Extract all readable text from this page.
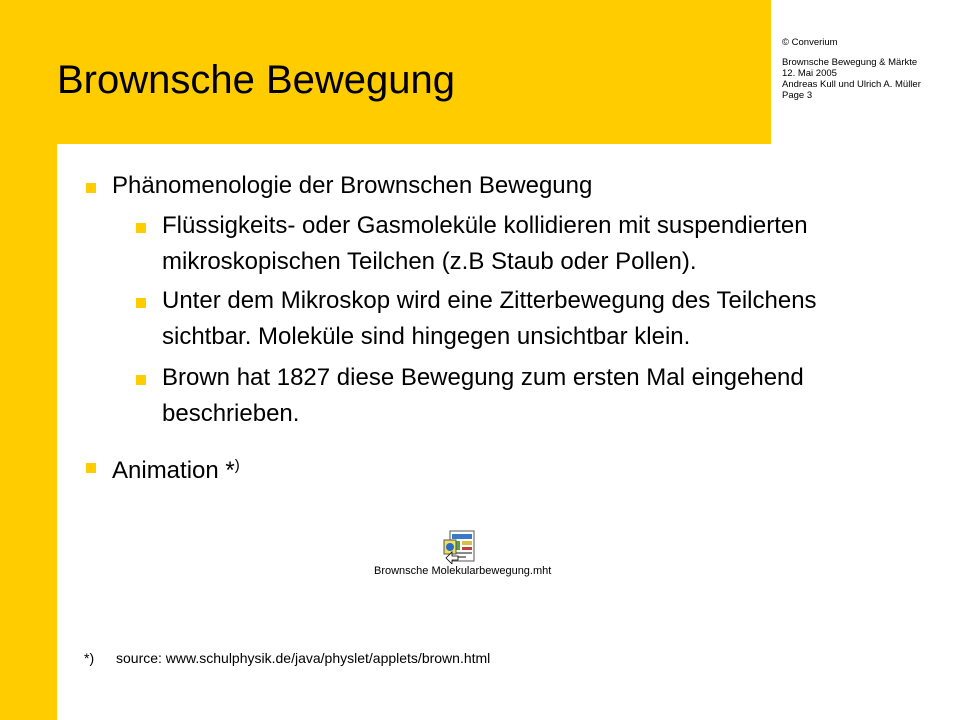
Brownsche Bewegung
© Converium
Brownsche Bewegung & Märkte
12. Mai 2005
Andreas Kull und Ulrich A. Müller
Page 3
Phänomenologie der Brownschen Bewegung
Flüssigkeits- oder Gasmoleküle kollidieren mit suspendierten
mikroskopischen Teilchen (z.B Staub oder Pollen).
Unter dem Mikroskop wird eine Zitterbewegung des Teilchens
sichtbar. Moleküle sind hingegen unsichtbar klein.
Brown hat 1827 diese Bewegung zum ersten Mal eingehend
beschrieben.
Animation *)
Brownsche Molekularbewegung.mht
*) source: www.schulphysik.de/java/physlet/applets/brown.html
